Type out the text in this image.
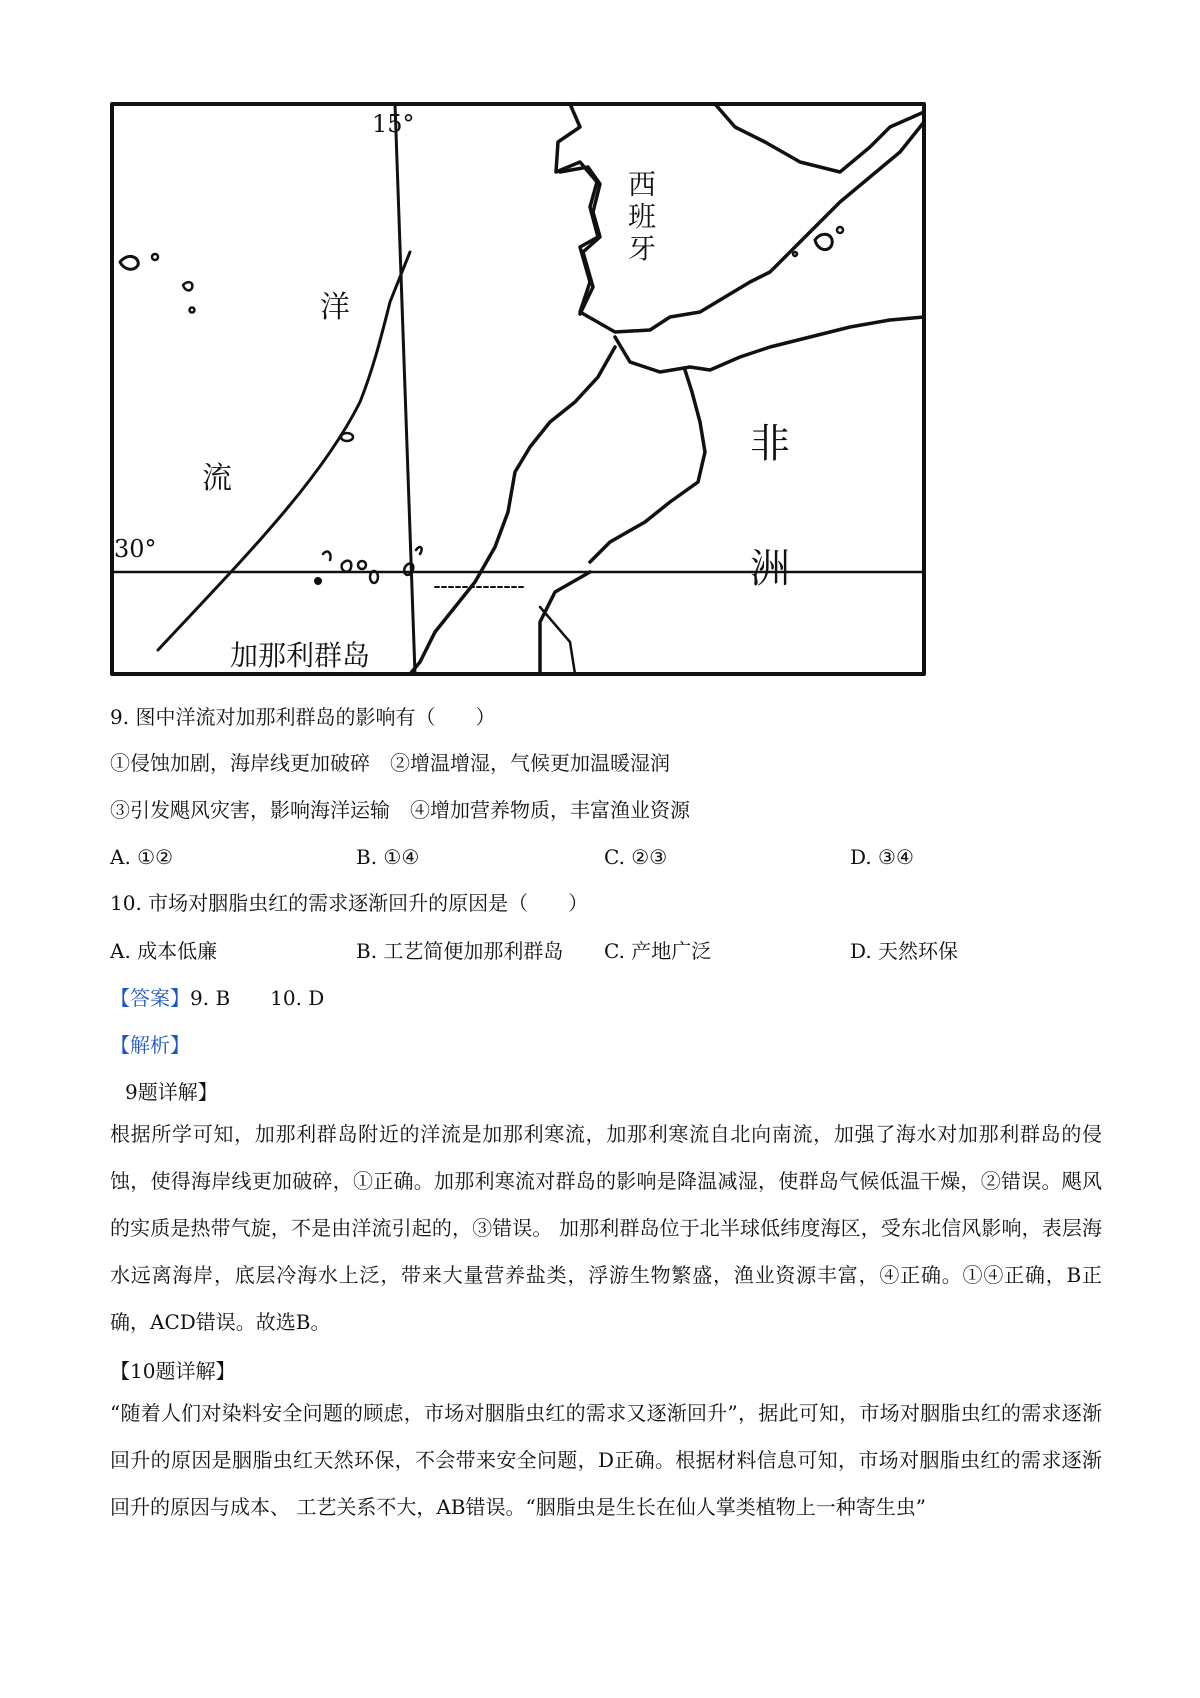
15°
30°
西
班
牙
洋
流
非
洲
加那利群岛
9. 图中洋流对加那利群岛的影响有（　　）
①侵蚀加剧，海岸线更加破碎　②增温增湿，气候更加温暖湿润
③引发飓风灾害，影响海洋运输　④增加营养物质，丰富渔业资源
A. ①②	B. ①④	C. ②③	D. ③④
10. 市场对胭脂虫红的需求逐渐回升的原因是（　　）
A. 成本低廉	B. 工艺简便加那利群岛 C. 产地广泛	D. 天然环保
【答案】9. B　　10. D
【解析】
9题详解】
根据所学可知，加那利群岛附近的洋流是加那利寒流，加那利寒流自北向南流，加强了海水对加那利群岛的侵蚀，使得海岸线更加破碎，①正确。加那利寒流对群岛的影响是降温减湿，使群岛气候低温干燥，②错误。飓风的实质是热带气旋，不是由洋流引起的，③错误。 加那利群岛位于北半球低纬度海区，受东北信风影响，表层海水远离海岸，底层冷海水上泛，带来大量营养盐类，浮游生物繁盛，渔业资源丰富，④正确。①④正确，B正确，ACD错误。故选B。
【10题详解】
“随着人们对染料安全问题的顾虑，市场对胭脂虫红的需求又逐渐回升”，据此可知，市场对胭脂虫红的需求逐渐回升的原因是胭脂虫红天然环保，不会带来安全问题，D正确。根据材料信息可知，市场对胭脂虫红的需求逐渐回升的原因与成本、 工艺关系不大，AB错误。“胭脂虫是生长在仙人掌类植物上一种寄生虫”
